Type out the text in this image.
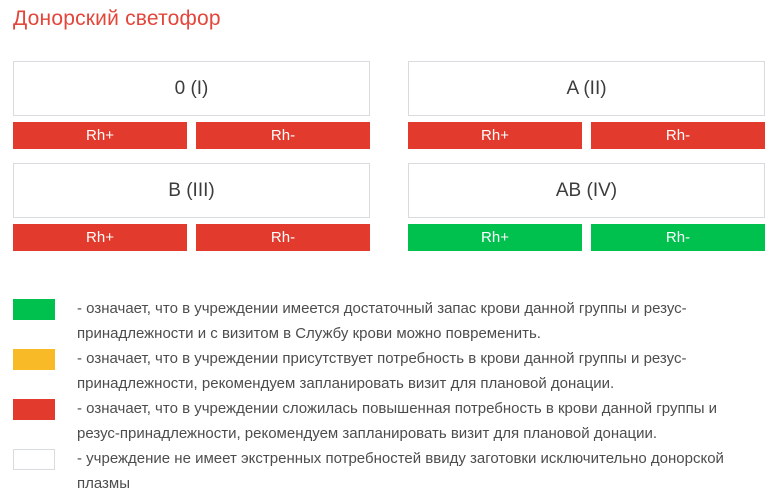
Донорский светофор
0 (I)
Rh+	Rh-
A (II)
Rh+	Rh-
B (III)
Rh+	Rh-
AB (IV)
Rh+	Rh-
- означает, что в учреждении имеется достаточный запас крови данной группы и резус-
принадлежности и с визитом в Службу крови можно повременить.
- означает, что в учреждении присутствует потребность в крови данной группы и резус-
принадлежности, рекомендуем запланировать визит для плановой донации.
- означает, что в учреждении сложилась повышенная потребность в крови данной группы и
резус-принадлежности, рекомендуем запланировать визит для плановой донации.
- учреждение не имеет экстренных потребностей ввиду заготовки исключительно донорской
плазмы
